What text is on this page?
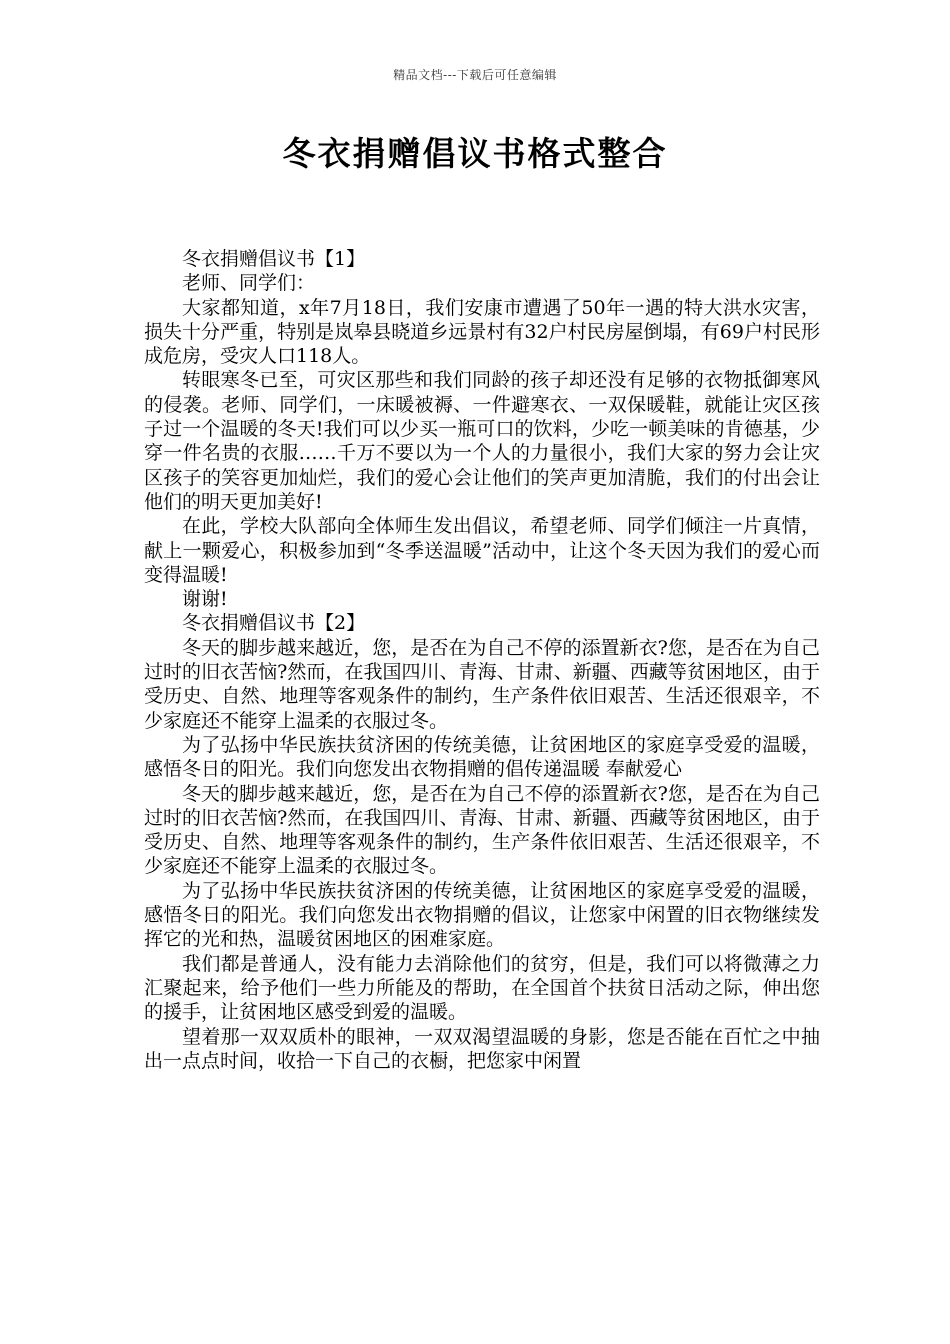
精品文档---下载后可任意编辑
冬衣捐赠倡议书格式整合

冬衣捐赠倡议书【1】

老师、同学们：

大家都知道，x年7月18日，我们安康市遭遇了50年一遇的特大洪水灾害，损失十分严重，特别是岚皋县晓道乡远景村有32户村民房屋倒塌，有69户村民形成危房，受灾人口118人。

转眼寒冬已至，可灾区那些和我们同龄的孩子却还没有足够的衣物抵御寒风的侵袭。老师、同学们，一床暖被褥、一件避寒衣、一双保暖鞋，就能让灾区孩子过一个温暖的冬天!我们可以少买一瓶可口的饮料，少吃一顿美味的肯德基，少穿一件名贵的衣服……千万不要以为一个人的力量很小，我们大家的努力会让灾区孩子的笑容更加灿烂，我们的爱心会让他们的笑声更加清脆，我们的付出会让他们的明天更加美好!

在此，学校大队部向全体师生发出倡议，希望老师、同学们倾注一片真情，献上一颗爱心，积极参加到“冬季送温暖”活动中，让这个冬天因为我们的爱心而变得温暖!

谢谢!

冬衣捐赠倡议书【2】

冬天的脚步越来越近，您，是否在为自己不停的添置新衣?您，是否在为自己过时的旧衣苦恼?然而，在我国四川、青海、甘肃、新疆、西藏等贫困地区，由于受历史、自然、地理等客观条件的制约，生产条件依旧艰苦、生活还很艰辛，不少家庭还不能穿上温柔的衣服过冬。

为了弘扬中华民族扶贫济困的传统美德，让贫困地区的家庭享受爱的温暖，感悟冬日的阳光。我们向您发出衣物捐赠的倡传递温暖 奉献爱心

冬天的脚步越来越近，您，是否在为自己不停的添置新衣?您，是否在为自己过时的旧衣苦恼?然而，在我国四川、青海、甘肃、新疆、西藏等贫困地区，由于受历史、自然、地理等客观条件的制约，生产条件依旧艰苦、生活还很艰辛，不少家庭还不能穿上温柔的衣服过冬。

为了弘扬中华民族扶贫济困的传统美德，让贫困地区的家庭享受爱的温暖，感悟冬日的阳光。我们向您发出衣物捐赠的倡议，让您家中闲置的旧衣物继续发挥它的光和热，温暖贫困地区的困难家庭。

我们都是普通人，没有能力去消除他们的贫穷，但是，我们可以将微薄之力汇聚起来，给予他们一些力所能及的帮助，在全国首个扶贫日活动之际，伸出您的援手，让贫困地区感受到爱的温暖。

望着那一双双质朴的眼神，一双双渴望温暖的身影，您是否能在百忙之中抽出一点点时间，收拾一下自己的衣橱，把您家中闲置
